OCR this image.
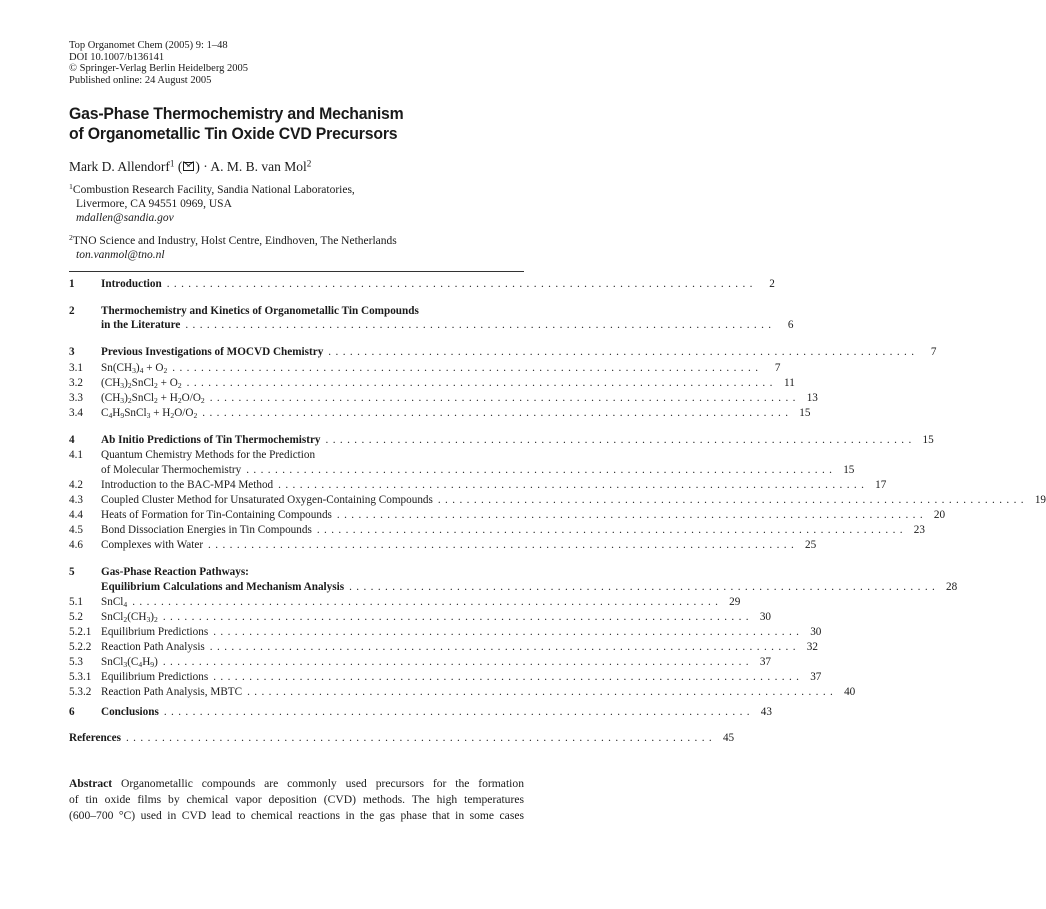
Top Organomet Chem (2005) 9: 1–48
DOI 10.1007/b136141
© Springer-Verlag Berlin Heidelberg 2005
Published online: 24 August 2005
Gas-Phase Thermochemistry and Mechanism
of Organometallic Tin Oxide CVD Precursors
Mark D. Allendorf$^1$ ( ) · A. M. B. van Mol$^2$
$^1$Combustion Research Facility, Sandia National Laboratories,
Livermore, CA 94551 0969, USA
mdallen@sandia.gov
$^2$TNO Science and Industry, Holst Centre, Eindhoven, The Netherlands
ton.vanmol@tno.nl
1 Introduction ..................................................................................	2
2 Thermochemistry and Kinetics of Organometallic Tin Compounds
in the Literature ..................................................................................	6
3 Previous Investigations of MOCVD Chemistry ..................................................................................	7
3.1 $Sn(CH_3)_4 + O_2$ ..................................................................................	7
3.2 $(CH_3)_2SnCl_2 + O_2$ .................................................................................. 11
3.3 $(CH_3)_2SnCl_2 + H_2O/O_2$ .................................................................................. 13
3.4 $C_4H_9SnCl_3 + H_2O/O_2$ .................................................................................. 15
4 Ab Initio Predictions of Tin Thermochemistry .................................................................................. 15
4.1 Quantum Chemistry Methods for the Prediction
of Molecular Thermochemistry .................................................................................. 15
4.2 Introduction to the BAC-MP4 Method .................................................................................. 17
4.3 Coupled Cluster Method for Unsaturated Oxygen-Containing Compounds .................................................................................. 19
4.4 Heats of Formation for Tin-Containing Compounds .................................................................................. 20
4.5 Bond Dissociation Energies in Tin Compounds .................................................................................. 23
4.6 Complexes with Water .................................................................................. 25
5 Gas-Phase Reaction Pathways:
Equilibrium Calculations and Mechanism Analysis .................................................................................. 28
5.1 SnCl$_4$ .................................................................................. 29
5.2 $SnCl_2(CH_3)_2$ .................................................................................. 30
5.2.1 Equilibrium Predictions .................................................................................. 30
5.2.2 Reaction Path Analysis .................................................................................. 32
5.3 $SnCl_3(C_4H_9)$ .................................................................................. 37
5.3.1 Equilibrium Predictions .................................................................................. 37
5.3.2 Reaction Path Analysis, MBTC .................................................................................. 40
6 Conclusions .................................................................................. 43
References .................................................................................. 45
Abstract Organometallic compounds are commonly used precursors for the formation
of tin oxide films by chemical vapor deposition (CVD) methods. The high temperatures
(600–700 °C) used in CVD lead to chemical reactions in the gas phase that in some cases
